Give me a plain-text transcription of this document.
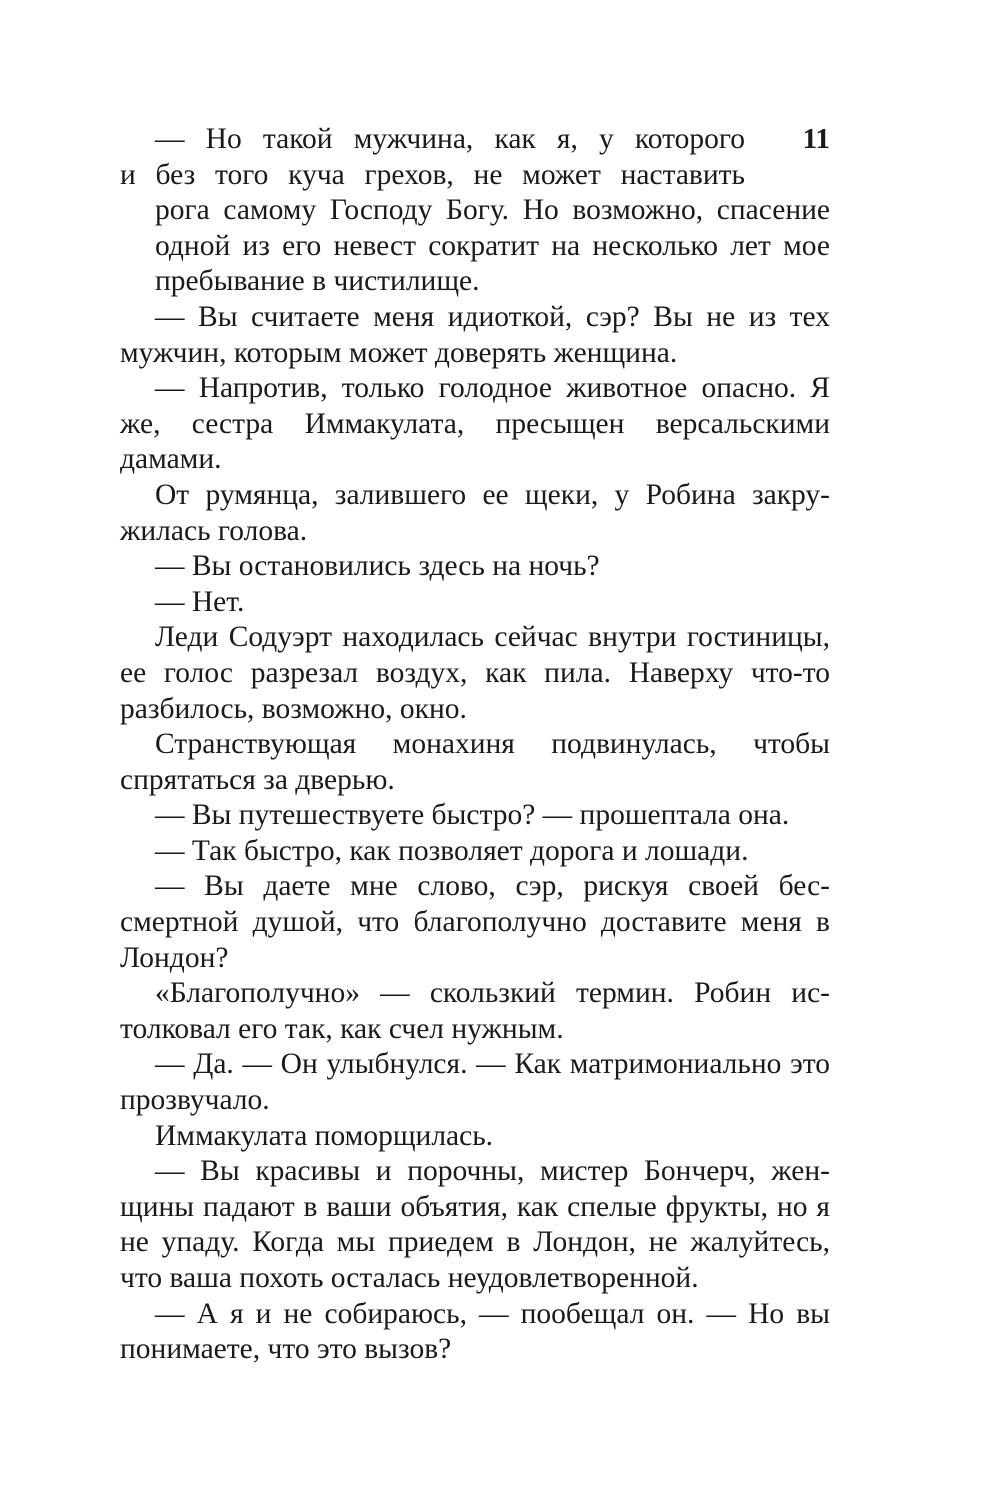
11
— Но такой мужчина, как я, у которого
и без того куча грехов, не может наставить
рога самому Господу Богу. Но возможно, спасение
одной из его невест сократит на несколько лет мое
пребывание в чистилище.

— Вы считаете меня идиоткой, сэр? Вы не из тех мужчин, которым может доверять женщина.

— Напротив, только голодное животное опасно. Я же, сестра Иммакулата, пресыщен версальскими дамами.

От румянца, залившего ее щеки, у Робина закружилась голова.

— Вы остановились здесь на ночь?

— Нет.

Леди Содуэрт находилась сейчас внутри гостиницы, ее голос разрезал воздух, как пила. Наверху что-то разбилось, возможно, окно.

Странствующая монахиня подвинулась, чтобы спрятаться за дверью.

— Вы путешествуете быстро? — прошептала она.

— Так быстро, как позволяет дорога и лошади.

— Вы даете мне слово, сэр, рискуя своей бессмертной душой, что благополучно доставите меня в Лондон?

«Благополучно» — скользкий термин. Робин истолковал его так, как счел нужным.

— Да. — Он улыбнулся. — Как матримониально это прозвучало.

Иммакулата поморщилась.

— Вы красивы и порочны, мистер Бончерч, женщины падают в ваши объятия, как спелые фрукты, но я не упаду. Когда мы приедем в Лондон, не жалуйтесь, что ваша похоть осталась неудовлетворенной.

— А я и не собираюсь, — пообещал он. — Но вы понимаете, что это вызов?
